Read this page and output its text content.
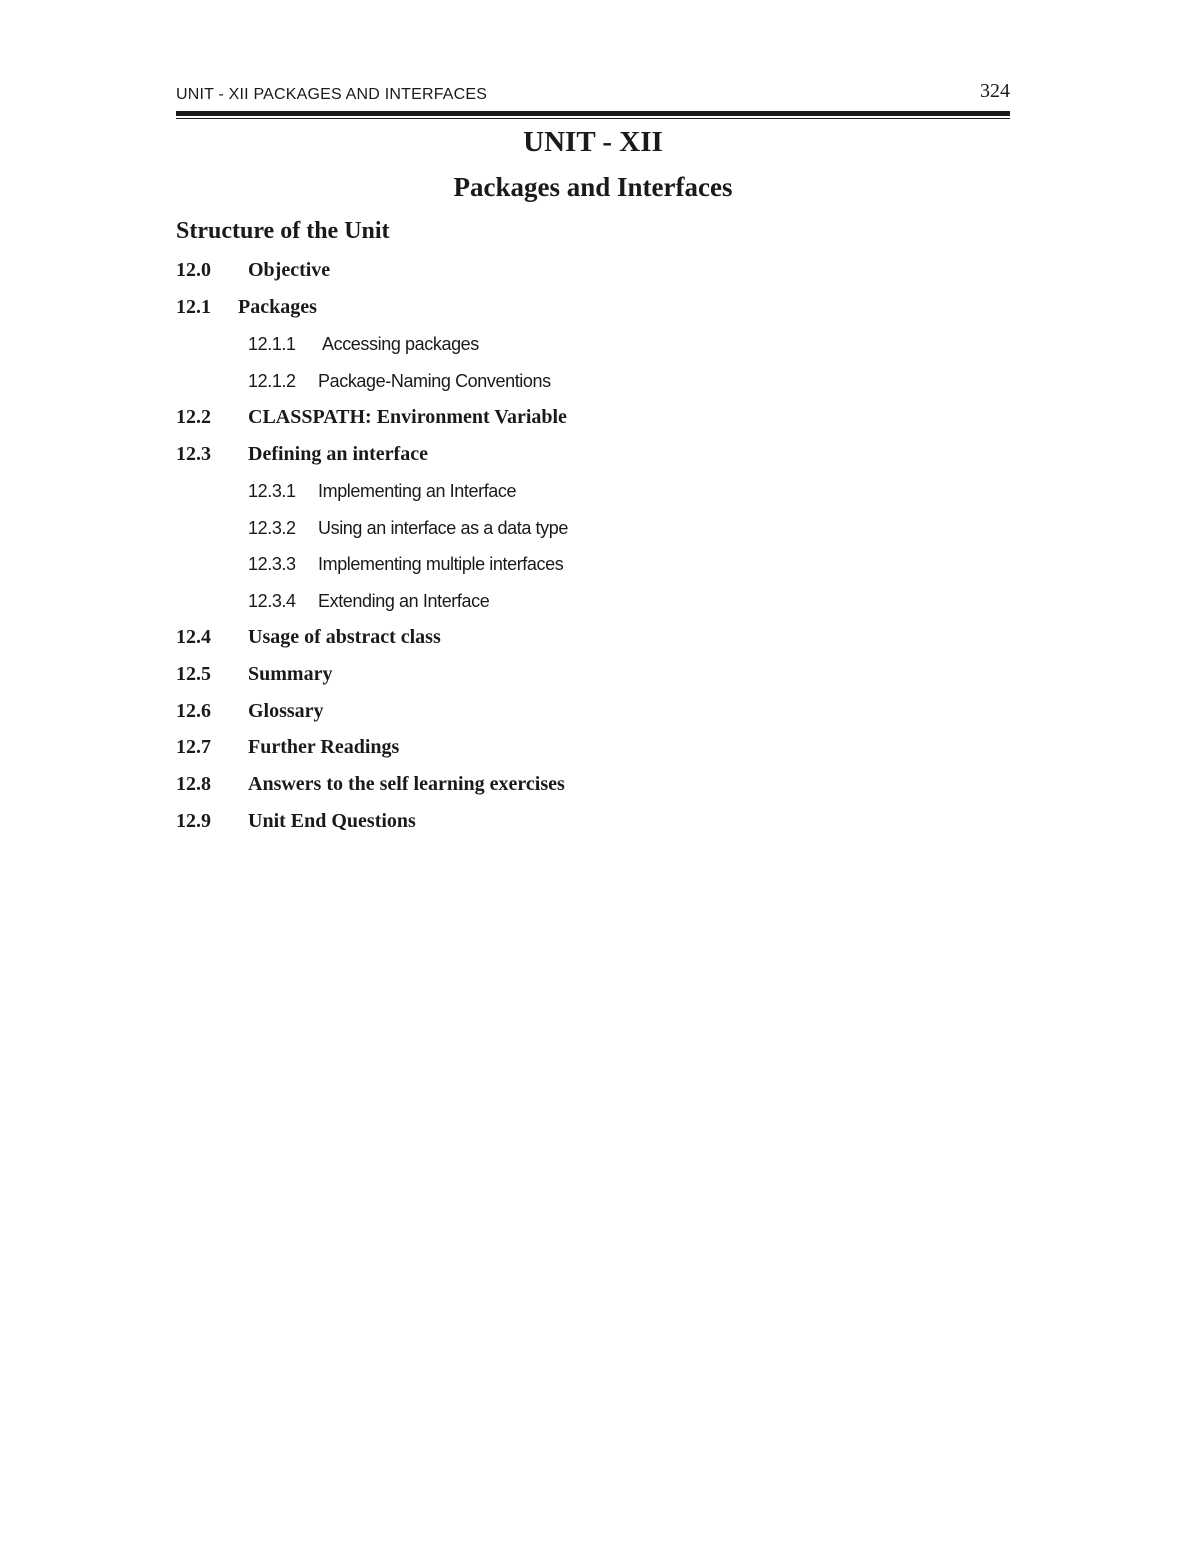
UNIT - XII PACKAGES AND INTERFACES	324
UNIT - XII
Packages and Interfaces
Structure of the Unit
12.0 Objective
12.1 Packages
12.1.1 Accessing packages
12.1.2 Package-Naming Conventions
12.2 CLASSPATH: Environment Variable
12.3 Defining an interface
12.3.1 Implementing an Interface
12.3.2 Using an interface as a data type
12.3.3 Implementing multiple interfaces
12.3.4 Extending an Interface
12.4 Usage of abstract class
12.5 Summary
12.6 Glossary
12.7 Further Readings
12.8 Answers to the self learning exercises
12.9 Unit End Questions
